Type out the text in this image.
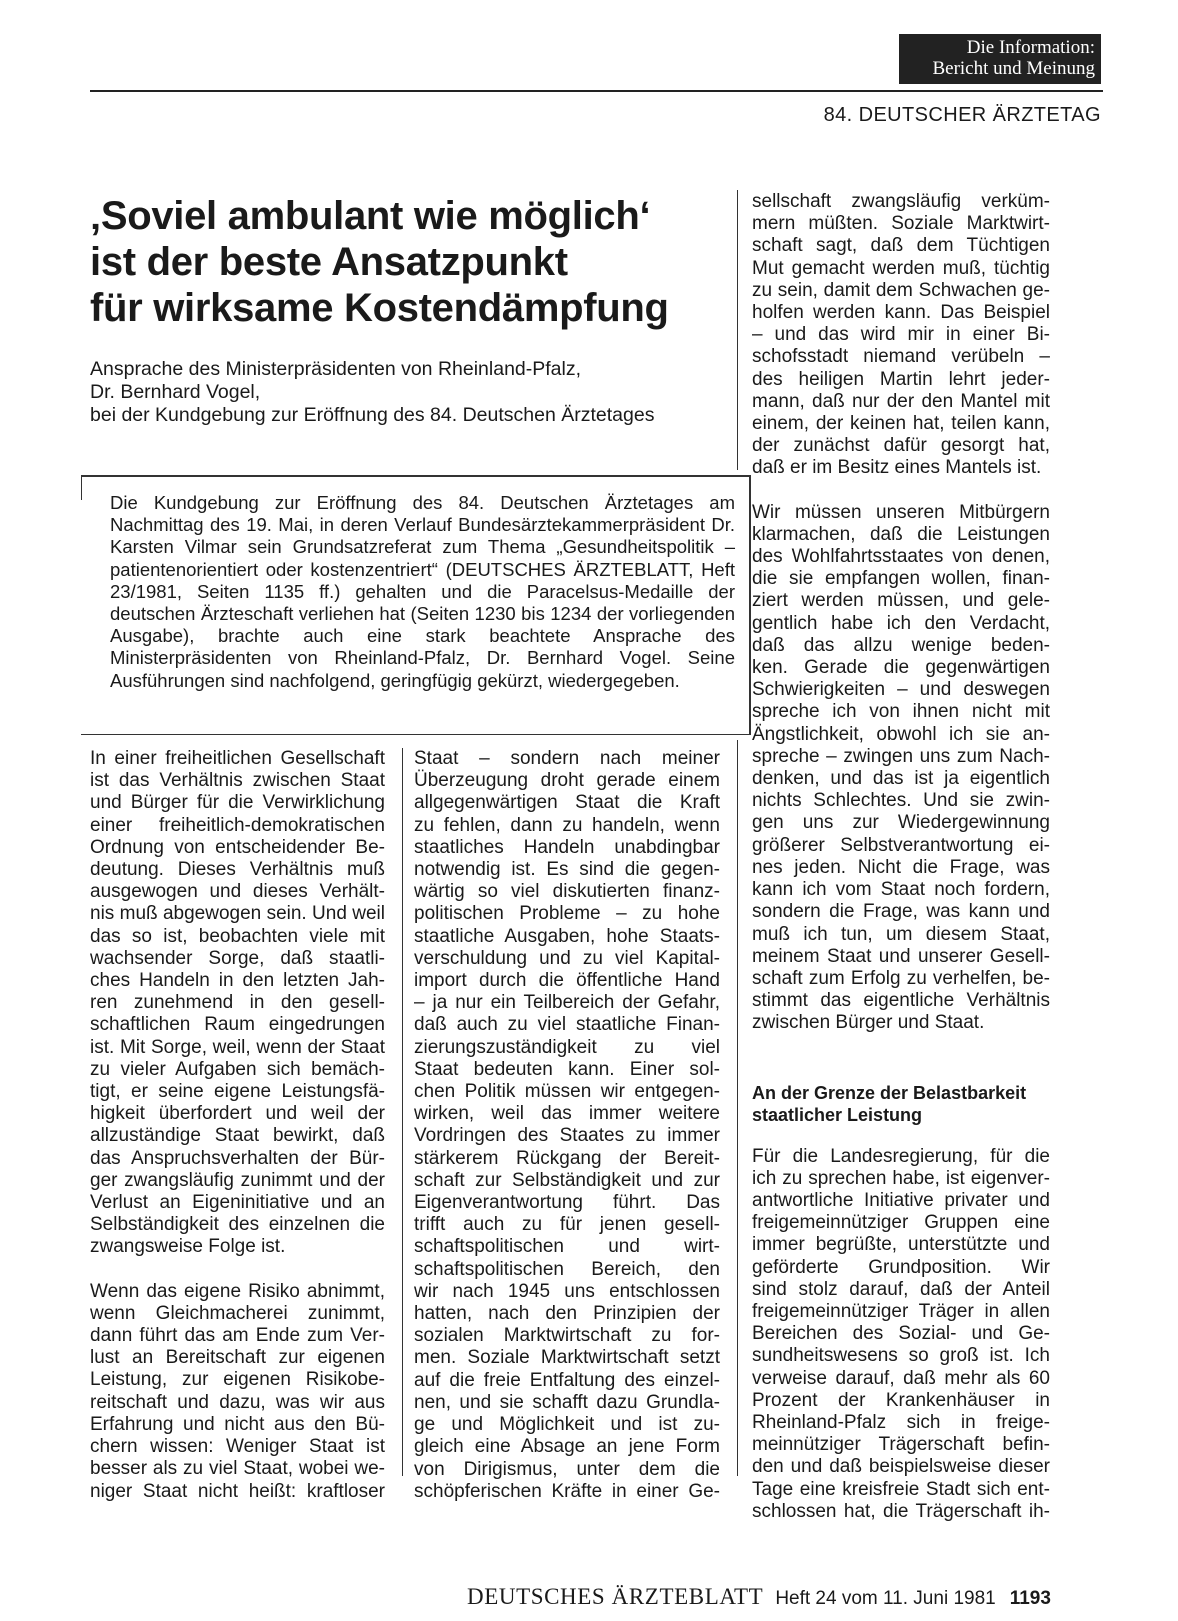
Die Information:
Bericht und Meinung
84. DEUTSCHER ÄRZTETAG
‚Soviel ambulant wie möglich‘
ist der beste Ansatzpunkt
für wirksame Kostendämpfung
Ansprache des Ministerpräsidenten von Rheinland-Pfalz,
Dr. Bernhard Vogel,
bei der Kundgebung zur Eröffnung des 84. Deutschen Ärztetages
Die Kundgebung zur Eröffnung des 84. Deutschen Ärztetages am Nachmittag des 19. Mai, in deren Verlauf Bundesärztekammerpräsident Dr. Karsten Vilmar sein Grundsatzreferat zum Thema „Gesundheitspolitik – patientenorientiert oder kostenzentriert“ (DEUTSCHES ÄRZTEBLATT, Heft 23/1981, Seiten 1135 ff.) gehalten und die Paracelsus-Medaille der deutschen Ärzteschaft verliehen hat (Seiten 1230 bis 1234 der vorliegenden Ausgabe), brachte auch eine stark beachtete Ansprache des Ministerpräsidenten von Rheinland-Pfalz, Dr. Bernhard Vogel. Seine Ausführungen sind nachfolgend, geringfügig gekürzt, wiedergegeben.
In einer freiheitlichen Gesellschaft
ist das Verhältnis zwischen Staat
und Bürger für die Verwirklichung
einer freiheitlich-demokratischen
Ordnung von entscheidender Be-
deutung. Dieses Verhältnis muß
ausgewogen und dieses Verhält-
nis muß abgewogen sein. Und weil
das so ist, beobachten viele mit
wachsender Sorge, daß staatli-
ches Handeln in den letzten Jah-
ren zunehmend in den gesell-
schaftlichen Raum eingedrungen
ist. Mit Sorge, weil, wenn der Staat
zu vieler Aufgaben sich bemäch-
tigt, er seine eigene Leistungsfä-
higkeit überfordert und weil der
allzuständige Staat bewirkt, daß
das Anspruchsverhalten der Bür-
ger zwangsläufig zunimmt und der
Verlust an Eigeninitiative und an
Selbständigkeit des einzelnen die
zwangsweise Folge ist.
Wenn das eigene Risiko abnimmt,
wenn Gleichmacherei zunimmt,
dann führt das am Ende zum Ver-
lust an Bereitschaft zur eigenen
Leistung, zur eigenen Risikobe-
reitschaft und dazu, was wir aus
Erfahrung und nicht aus den Bü-
chern wissen: Weniger Staat ist
besser als zu viel Staat, wobei we-
niger Staat nicht heißt: kraftloser
Staat – sondern nach meiner
Überzeugung droht gerade einem
allgegenwärtigen Staat die Kraft
zu fehlen, dann zu handeln, wenn
staatliches Handeln unabdingbar
notwendig ist. Es sind die gegen-
wärtig so viel diskutierten finanz-
politischen Probleme – zu hohe
staatliche Ausgaben, hohe Staats-
verschuldung und zu viel Kapital-
import durch die öffentliche Hand
– ja nur ein Teilbereich der Gefahr,
daß auch zu viel staatliche Finan-
zierungszuständigkeit zu viel
Staat bedeuten kann. Einer sol-
chen Politik müssen wir entgegen-
wirken, weil das immer weitere
Vordringen des Staates zu immer
stärkerem Rückgang der Bereit-
schaft zur Selbständigkeit und zur
Eigenverantwortung führt. Das
trifft auch zu für jenen gesell-
schaftspolitischen und wirt-
schaftspolitischen Bereich, den
wir nach 1945 uns entschlossen
hatten, nach den Prinzipien der
sozialen Marktwirtschaft zu for-
men. Soziale Marktwirtschaft setzt
auf die freie Entfaltung des einzel-
nen, und sie schafft dazu Grundla-
ge und Möglichkeit und ist zu-
gleich eine Absage an jene Form
von Dirigismus, unter dem die
schöpferischen Kräfte in einer Ge-
sellschaft zwangsläufig verküm-
mern müßten. Soziale Marktwirt-
schaft sagt, daß dem Tüchtigen
Mut gemacht werden muß, tüchtig
zu sein, damit dem Schwachen ge-
holfen werden kann. Das Beispiel
– und das wird mir in einer Bi-
schofsstadt niemand verübeln –
des heiligen Martin lehrt jeder-
mann, daß nur der den Mantel mit
einem, der keinen hat, teilen kann,
der zunächst dafür gesorgt hat,
daß er im Besitz eines Mantels ist.
Wir müssen unseren Mitbürgern
klarmachen, daß die Leistungen
des Wohlfahrtsstaates von denen,
die sie empfangen wollen, finan-
ziert werden müssen, und gele-
gentlich habe ich den Verdacht,
daß das allzu wenige beden-
ken. Gerade die gegenwärtigen
Schwierigkeiten – und deswegen
spreche ich von ihnen nicht mit
Ängstlichkeit, obwohl ich sie an-
spreche – zwingen uns zum Nach-
denken, und das ist ja eigentlich
nichts Schlechtes. Und sie zwin-
gen uns zur Wiedergewinnung
größerer Selbstverantwortung ei-
nes jeden. Nicht die Frage, was
kann ich vom Staat noch fordern,
sondern die Frage, was kann und
muß ich tun, um diesem Staat,
meinem Staat und unserer Gesell-
schaft zum Erfolg zu verhelfen, be-
stimmt das eigentliche Verhältnis
zwischen Bürger und Staat.
An der Grenze der Belastbarkeit
staatlicher Leistung
Für die Landesregierung, für die
ich zu sprechen habe, ist eigenver-
antwortliche Initiative privater und
freigemeinnütziger Gruppen eine
immer begrüßte, unterstützte und
geförderte Grundposition. Wir
sind stolz darauf, daß der Anteil
freigemeinnütziger Träger in allen
Bereichen des Sozial- und Ge-
sundheitswesens so groß ist. Ich
verweise darauf, daß mehr als 60
Prozent der Krankenhäuser in
Rheinland-Pfalz sich in freige-
meinnütziger Trägerschaft befin-
den und daß beispielsweise dieser
Tage eine kreisfreie Stadt sich ent-
schlossen hat, die Trägerschaft ih-
DEUTSCHES ÄRZTEBLATT Heft 24 vom 11. Juni 1981 1193
